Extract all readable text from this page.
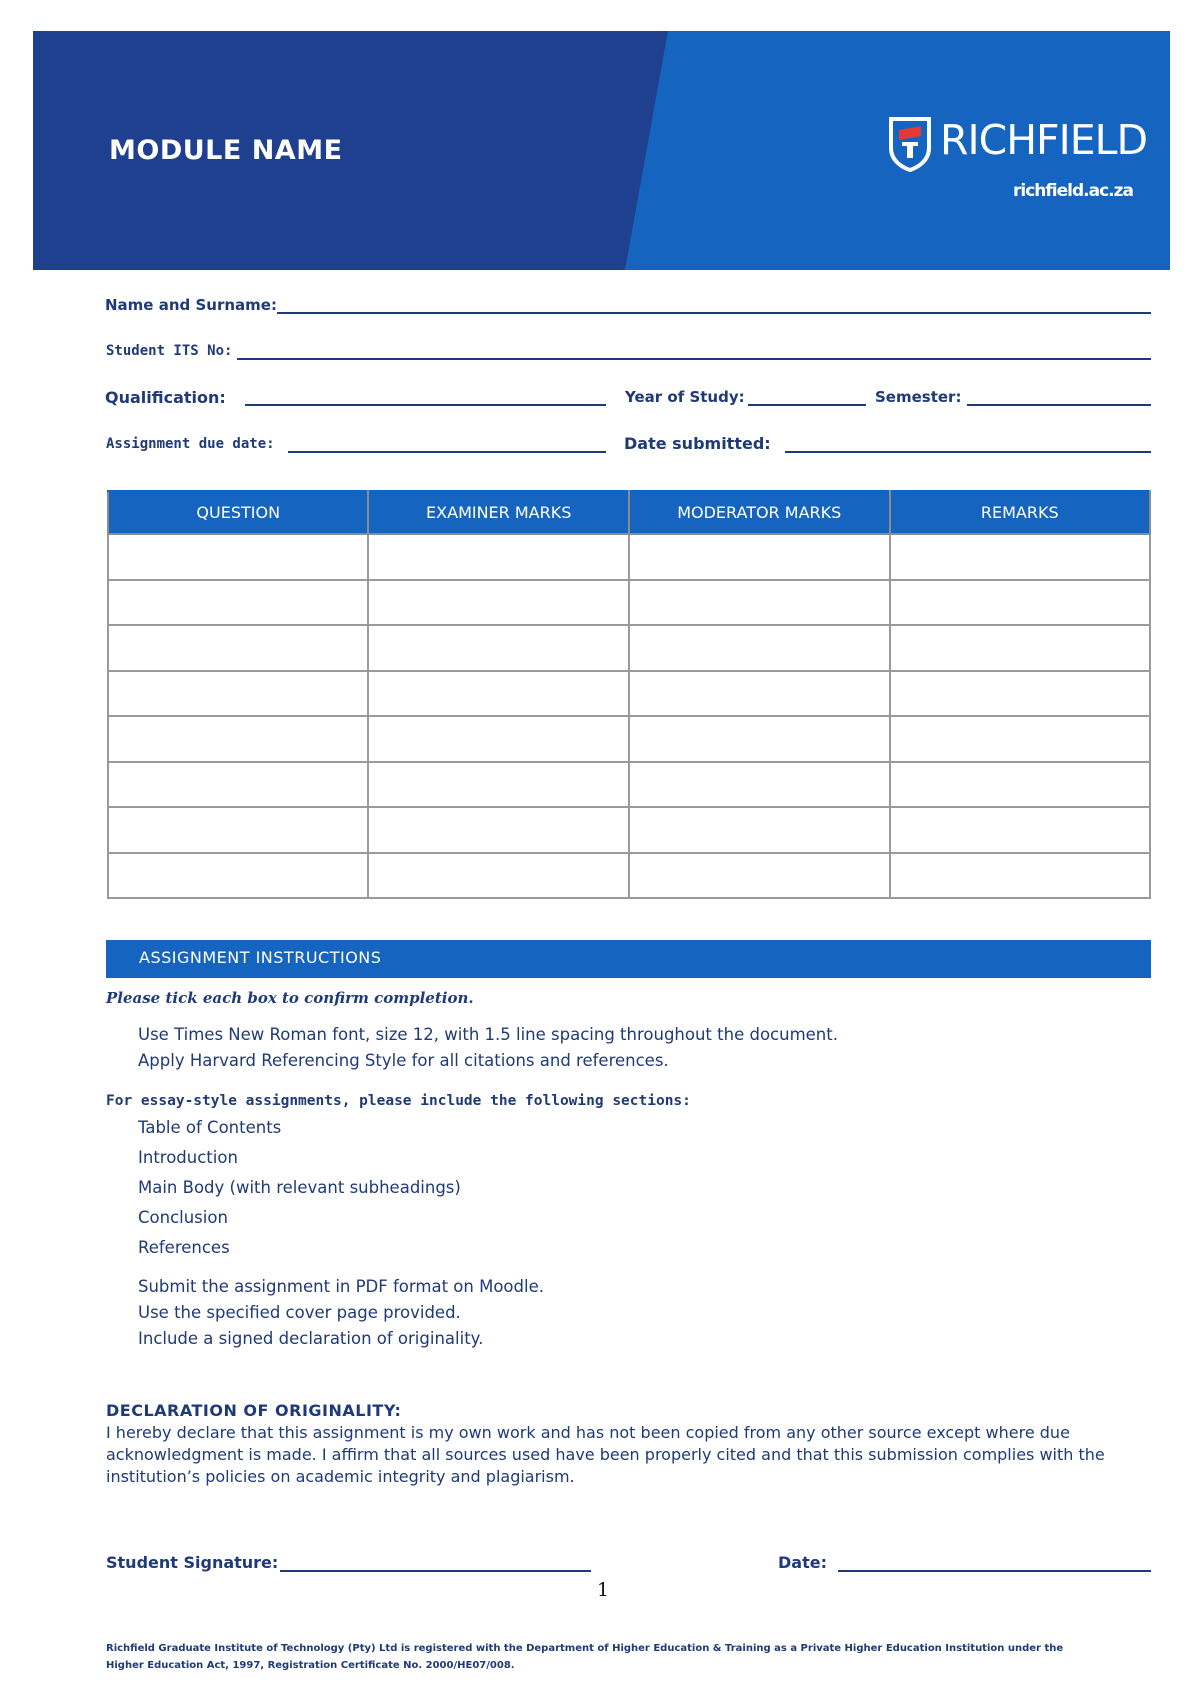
MODULE NAME	RICHFIELD
richfield.ac.za
Name and Surname:
Student ITS No:
Qualification:	Year of Study:	Semester:
Assignment due date:	Date submitted:
QUESTION	EXAMINER MARKS	MODERATOR MARKS	REMARKS

ASSIGNMENT INSTRUCTIONS
Please tick each box to confirm completion.
Use Times New Roman font, size 12, with 1.5 line spacing throughout the document.
Apply Harvard Referencing Style for all citations and references.
For essay-style assignments, please include the following sections:
Table of Contents
Introduction
Main Body (with relevant subheadings)
Conclusion
References
Submit the assignment in PDF format on Moodle.
Use the specified cover page provided.
Include a signed declaration of originality.
DECLARATION OF ORIGINALITY:
I hereby declare that this assignment is my own work and has not been copied from any other source except where due acknowledgment is made. I affirm that all sources used have been properly cited and that this submission complies with the institution’s policies on academic integrity and plagiarism.
Student Signature:	Date:
1
Richfield Graduate Institute of Technology (Pty) Ltd is registered with the Department of Higher Education & Training as a Private Higher Education Institution under the Higher Education Act, 1997, Registration Certificate No. 2000/HE07/008.
